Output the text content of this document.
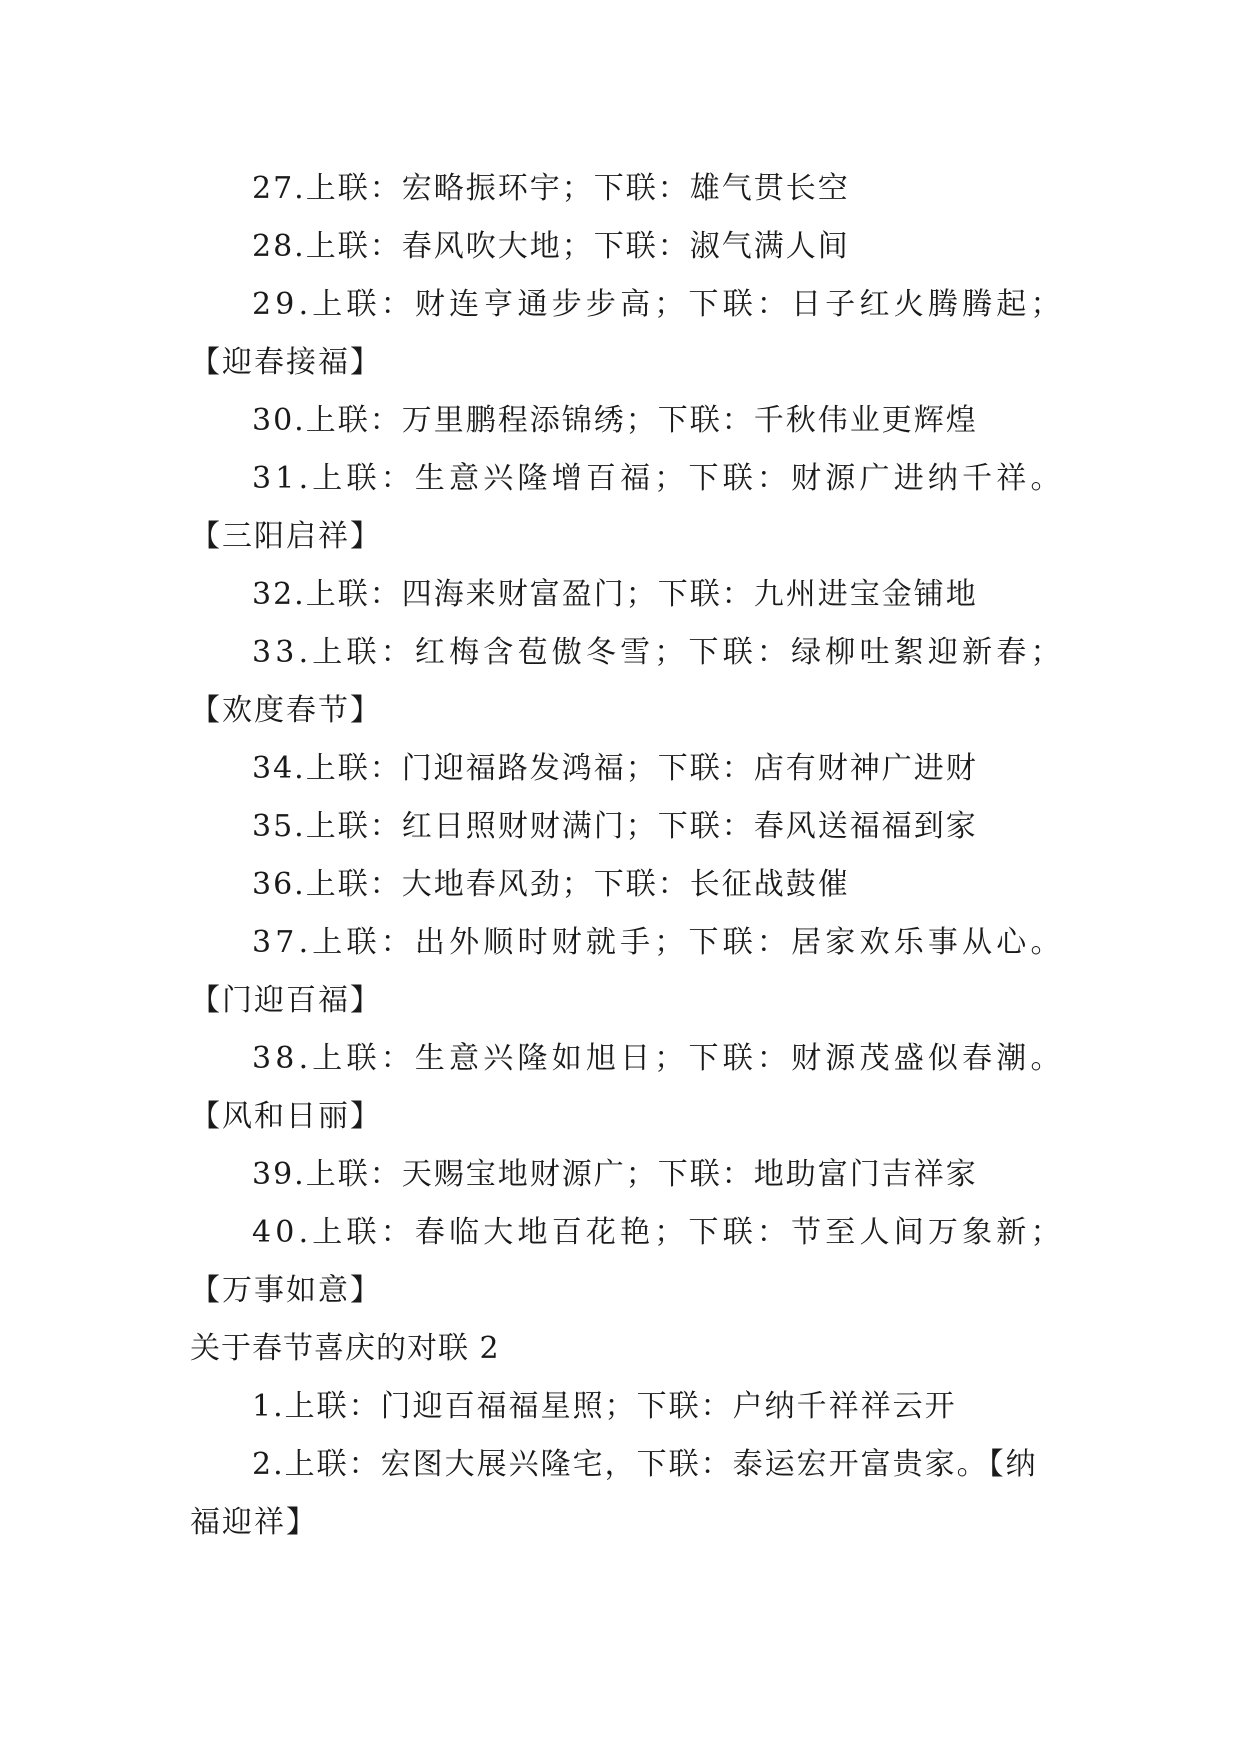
27.上联：宏略振环宇；下联：雄气贯长空
28.上联：春风吹大地；下联：淑气满人间
29.上联：财连亨通步步高；下联：日子红火腾腾起；
【迎春接福】
30.上联：万里鹏程添锦绣；下联：千秋伟业更辉煌
31.上联：生意兴隆增百福；下联：财源广进纳千祥。
【三阳启祥】
32.上联：四海来财富盈门；下联：九州进宝金铺地
33.上联：红梅含苞傲冬雪；下联：绿柳吐絮迎新春；
【欢度春节】
34.上联：门迎福路发鸿福；下联：店有财神广进财
35.上联：红日照财财满门；下联：春风送福福到家
36.上联：大地春风劲；下联：长征战鼓催
37.上联：出外顺时财就手；下联：居家欢乐事从心。
【门迎百福】
38.上联：生意兴隆如旭日；下联：财源茂盛似春潮。
【风和日丽】
39.上联：天赐宝地财源广；下联：地助富门吉祥家
40.上联：春临大地百花艳；下联：节至人间万象新；
【万事如意】
关于春节喜庆的对联 2
1.上联：门迎百福福星照；下联：户纳千祥祥云开
2.上联：宏图大展兴隆宅，下联：泰运宏开富贵家。【纳
福迎祥】
